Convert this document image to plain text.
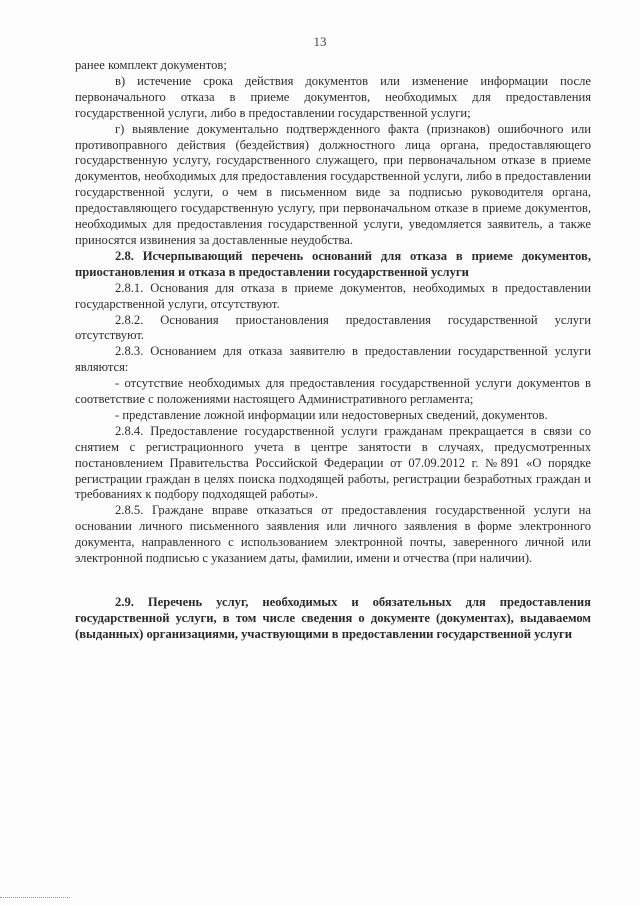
13

ранее комплект документов;

в) истечение срока действия документов или изменение информации после первоначального отказа в приеме документов, необходимых для предоставления государственной услуги, либо в предоставлении государственной услуги;

г) выявление документально подтвержденного факта (признаков) ошибочного или противоправного действия (бездействия) должностного лица органа, предоставляющего государственную услугу, государственного служащего, при первоначальном отказе в приеме документов, необходимых для предоставления государственной услуги, либо в предоставлении государственной услуги, о чем в письменном виде за подписью руководителя органа, предоставляющего государственную услугу, при первоначальном отказе в приеме документов, необходимых для предоставления государственной услуги, уведомляется заявитель, а также приносятся извинения за доставленные неудобства.

2.8. Исчерпывающий перечень оснований для отказа в приеме документов, приостановления и отказа в предоставлении государственной услуги

2.8.1. Основания для отказа в приеме документов, необходимых в предоставлении государственной услуги, отсутствуют.

2.8.2. Основания приостановления предоставления государственной услуги отсутствуют.

2.8.3. Основанием для отказа заявителю в предоставлении государственной услуги являются:

- отсутствие необходимых для предоставления государственной услуги документов в соответствие с положениями настоящего Административного регламента;

- представление ложной информации или недостоверных сведений, документов.

2.8.4. Предоставление государственной услуги гражданам прекращается в связи со снятием с регистрационного учета в центре занятости в случаях, предусмотренных постановлением Правительства Российской Федерации от 07.09.2012 г. №891 «О порядке регистрации граждан в целях поиска подходящей работы, регистрации безработных граждан и требованиях к подбору подходящей работы».

2.8.5. Граждане вправе отказаться от предоставления государственной услуги на основании личного письменного заявления или личного заявления в форме электронного документа, направленного с использованием электронной почты, заверенного личной или электронной подписью с указанием даты, фамилии, имени и отчества (при наличии).

2.9. Перечень услуг, необходимых и обязательных для предоставления государственной услуги, в том числе сведения о документе (документах), выдаваемом (выданных) организациями, участвующими в предоставлении государственной услуги
